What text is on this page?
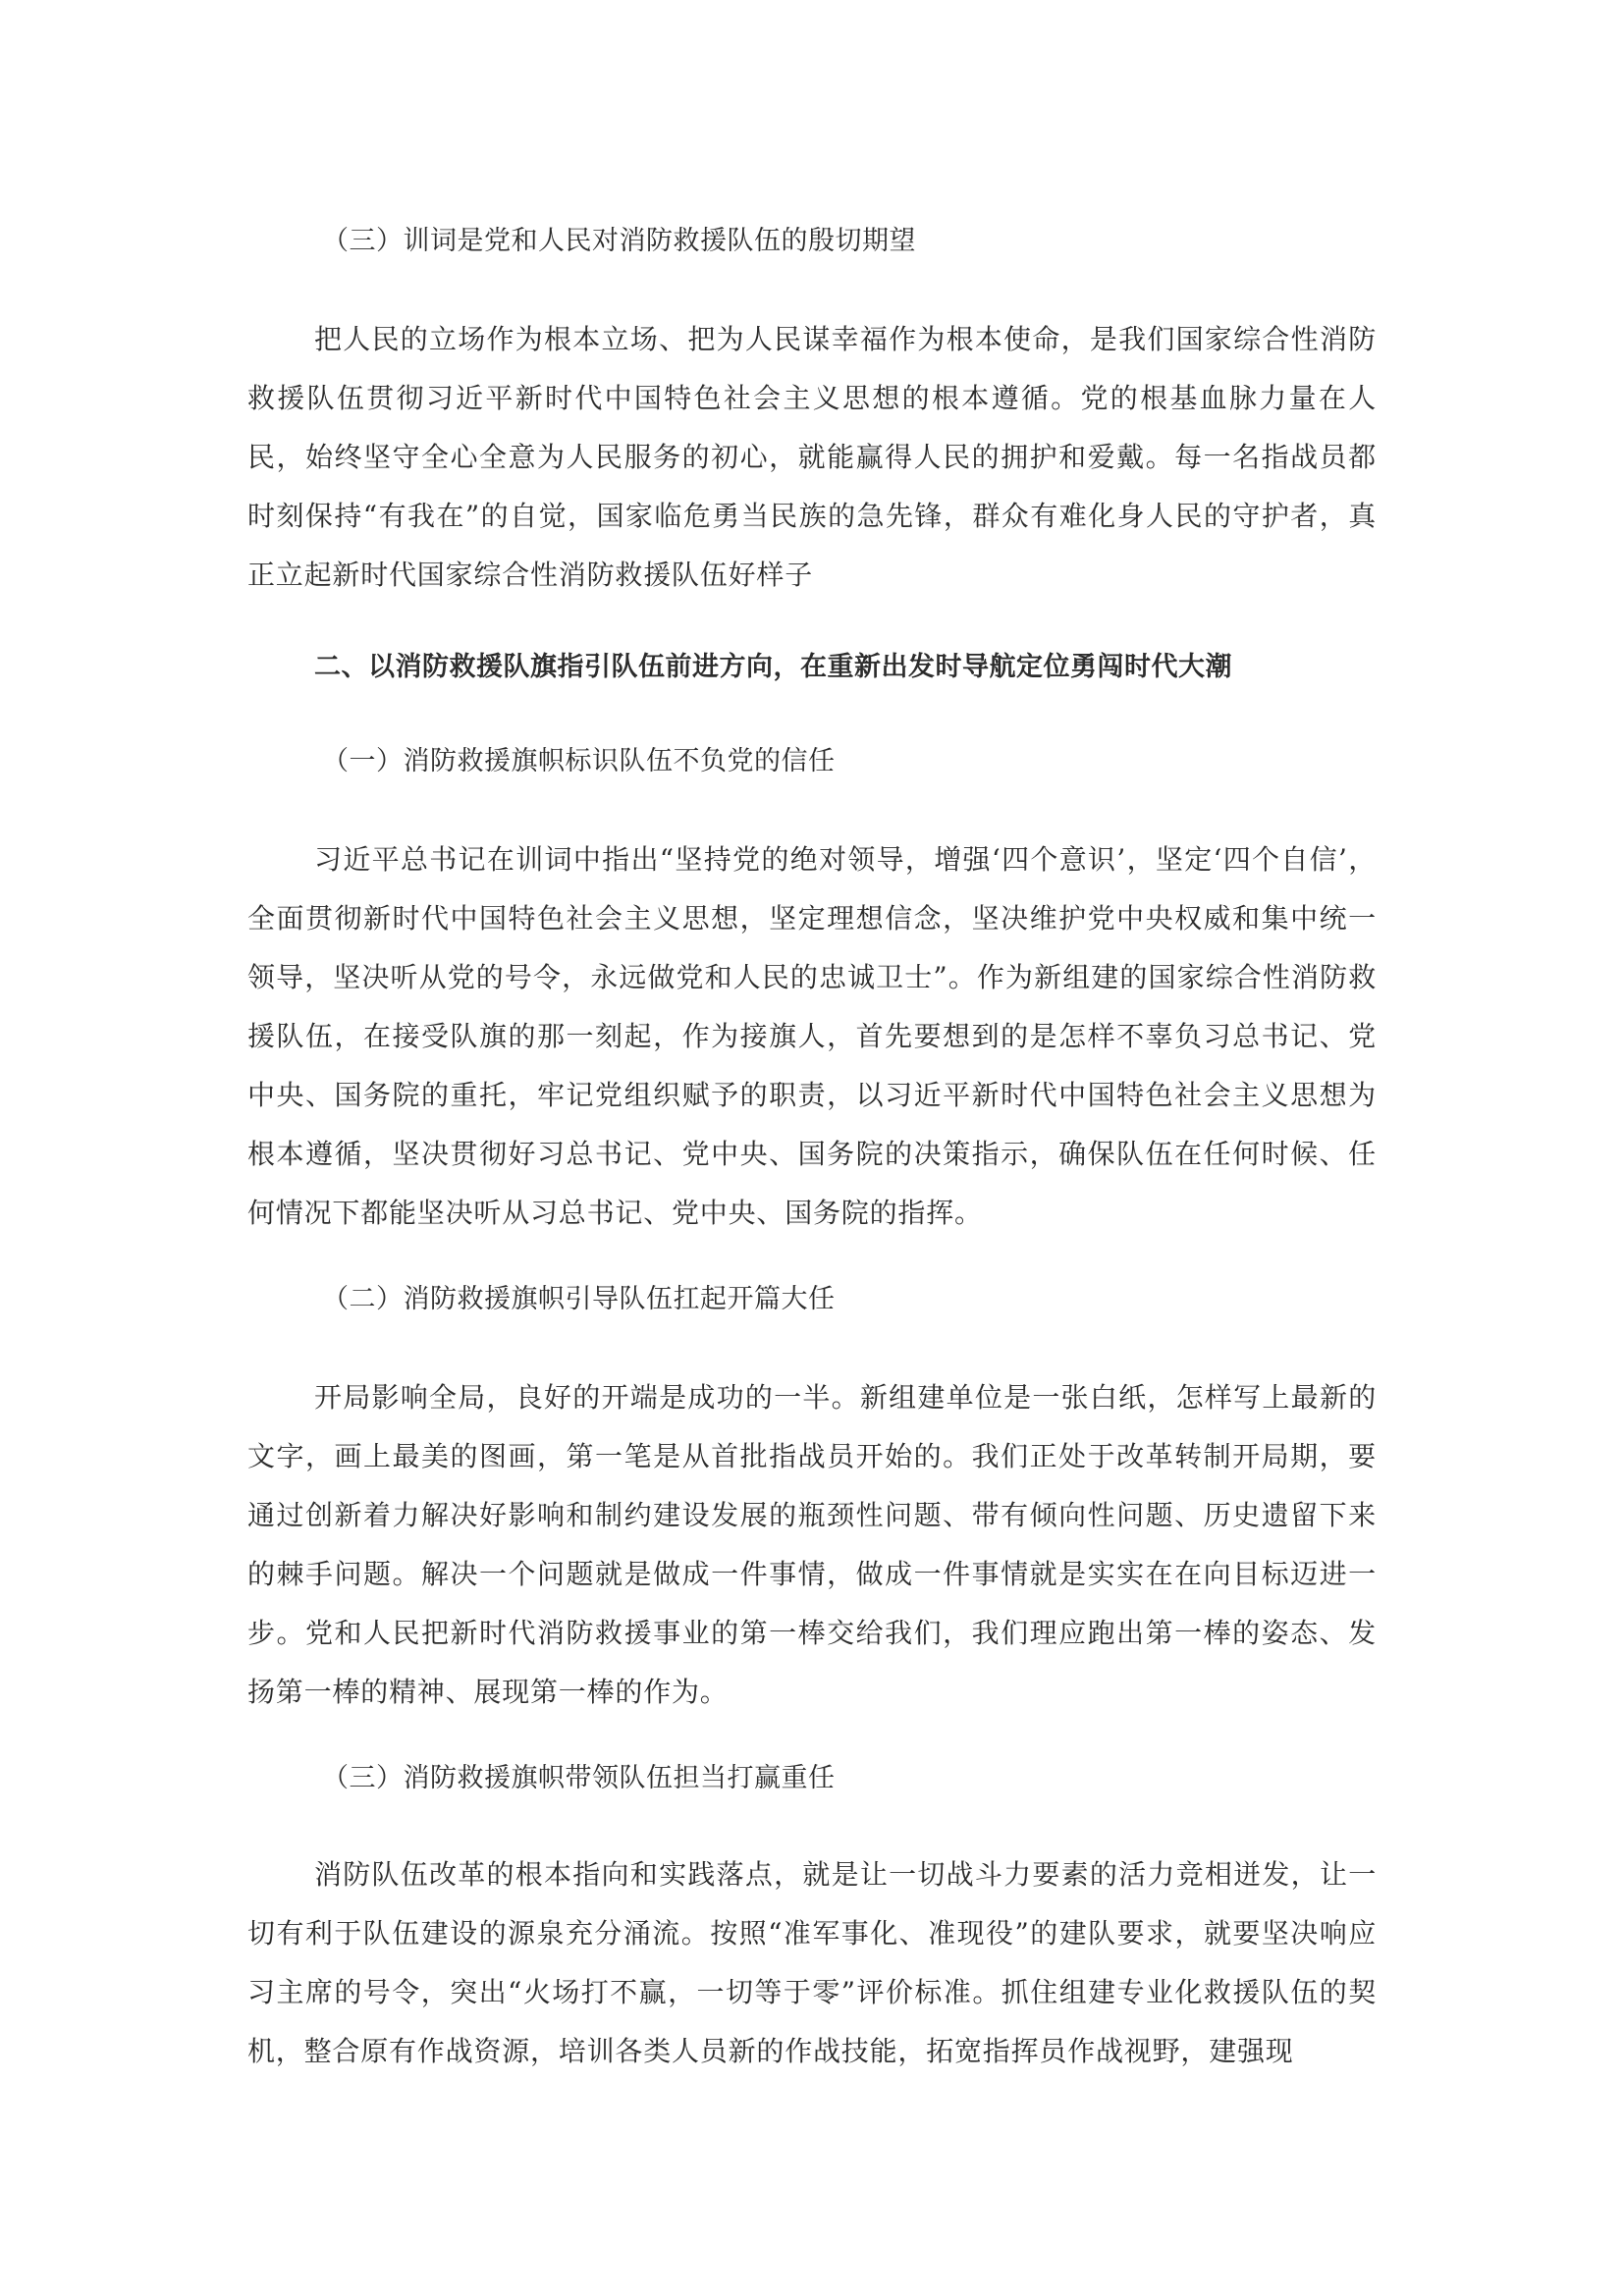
（三）训词是党和人民对消防救援队伍的殷切期望

把人民的立场作为根本立场、把为人民谋幸福作为根本使命，是我们国家综合性消防救援队伍贯彻习近平新时代中国特色社会主义思想的根本遵循。党的根基血脉力量在人民，始终坚守全心全意为人民服务的初心，就能赢得人民的拥护和爱戴。每一名指战员都时刻保持“有我在”的自觉，国家临危勇当民族的急先锋，群众有难化身人民的守护者，真正立起新时代国家综合性消防救援队伍好样子

二、以消防救援队旗指引队伍前进方向，在重新出发时导航定位勇闯时代大潮

（一）消防救援旗帜标识队伍不负党的信任

习近平总书记在训词中指出“坚持党的绝对领导，增强‘四个意识’，坚定‘四个自信’，全面贯彻新时代中国特色社会主义思想，坚定理想信念，坚决维护党中央权威和集中统一领导，坚决听从党的号令，永远做党和人民的忠诚卫士”。作为新组建的国家综合性消防救援队伍，在接受队旗的那一刻起，作为接旗人，首先要想到的是怎样不辜负习总书记、党中央、国务院的重托，牢记党组织赋予的职责，以习近平新时代中国特色社会主义思想为根本遵循，坚决贯彻好习总书记、党中央、国务院的决策指示，确保队伍在任何时候、任何情况下都能坚决听从习总书记、党中央、国务院的指挥。

（二）消防救援旗帜引导队伍扛起开篇大任

开局影响全局，良好的开端是成功的一半。新组建单位是一张白纸，怎样写上最新的文字，画上最美的图画，第一笔是从首批指战员开始的。我们正处于改革转制开局期，要通过创新着力解决好影响和制约建设发展的瓶颈性问题、带有倾向性问题、历史遗留下来的棘手问题。解决一个问题就是做成一件事情，做成一件事情就是实实在在向目标迈进一步。党和人民把新时代消防救援事业的第一棒交给我们，我们理应跑出第一棒的姿态、发扬第一棒的精神、展现第一棒的作为。

（三）消防救援旗帜带领队伍担当打赢重任

消防队伍改革的根本指向和实践落点，就是让一切战斗力要素的活力竞相迸发，让一切有利于队伍建设的源泉充分涌流。按照“准军事化、准现役”的建队要求，就要坚决响应习主席的号令，突出“火场打不赢，一切等于零”评价标准。抓住组建专业化救援队伍的契机，整合原有作战资源，培训各类人员新的作战技能，拓宽指挥员作战视野，建强现
